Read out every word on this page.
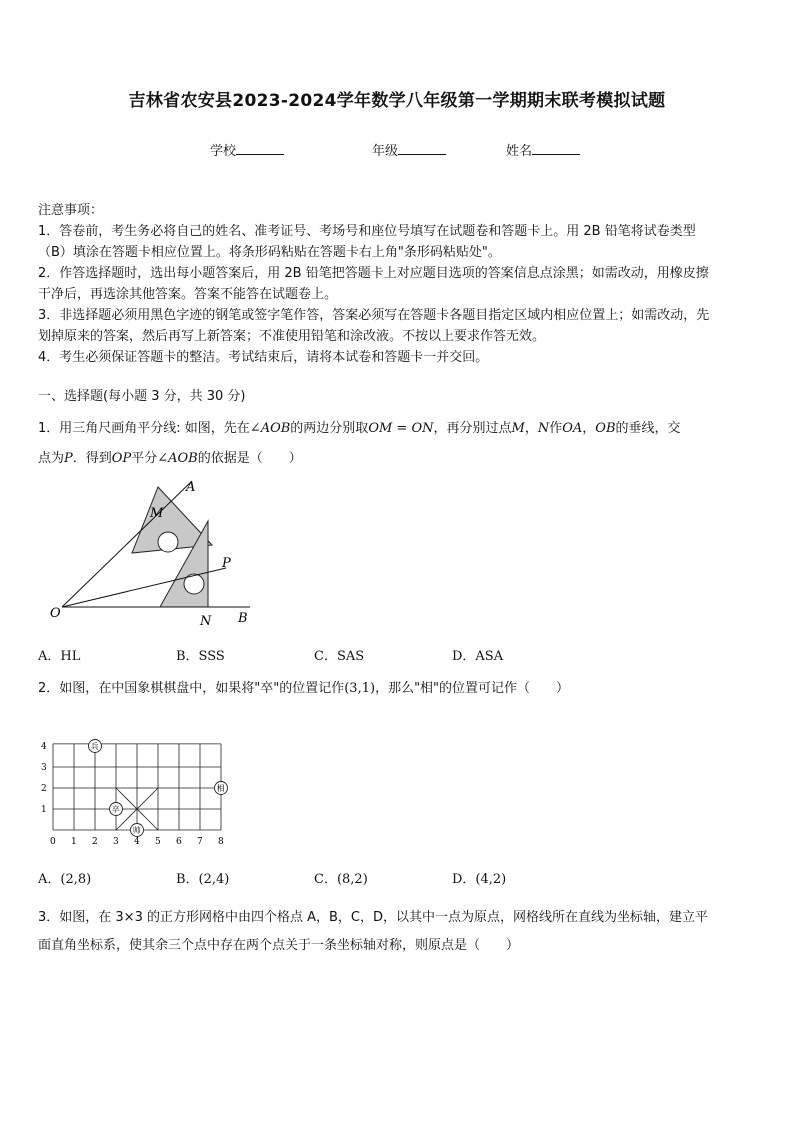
吉林省农安县2023-2024学年数学八年级第一学期期末联考模拟试题
学校	年级	姓名
注意事项：
1．答卷前，考生务必将自己的姓名、准考证号、考场号和座位号填写在试题卷和答题卡上。用 2B 铅笔将试卷类型
（B）填涂在答题卡相应位置上。将条形码粘贴在答题卡右上角"条形码粘贴处"。
2．作答选择题时，选出每小题答案后，用 2B 铅笔把答题卡上对应题目选项的答案信息点涂黑；如需改动，用橡皮擦
干净后，再选涂其他答案。答案不能答在试题卷上。
3．非选择题必须用黑色字迹的钢笔或签字笔作答，答案必须写在答题卡各题目指定区域内相应位置上；如需改动，先
划掉原来的答案，然后再写上新答案；不准使用铅笔和涂改液。不按以上要求作答无效。
4．考生必须保证答题卡的整洁。考试结束后，请将本试卷和答题卡一并交回。
一、选择题(每小题 3 分，共 30 分)
1．用三角尺画角平分线: 如图，先在∠AOB的两边分别取OM = ON，再分别过点M，N作OA，OB的垂线，交
点为P．得到OP平分∠AOB的依据是（　　）
A
M
P
O
N B
A．HL	B．SSS	C．SAS	D．ASA
2．如图，在中国象棋棋盘中，如果将"卒"的位置记作(3,1)，那么"相"的位置可记作（　　）
0 1 2 3 4 5 6 7 8
1
2
3
4	兵
相
卒
帅
A．(2,8)	B．(2,4)	C．(8,2)	D．(4,2)
3．如图，在 3×3 的正方形网格中由四个格点 A，B，C，D，以其中一点为原点，网格线所在直线为坐标轴，建立平
面直角坐标系，使其余三个点中存在两个点关于一条坐标轴对称，则原点是（　　）
